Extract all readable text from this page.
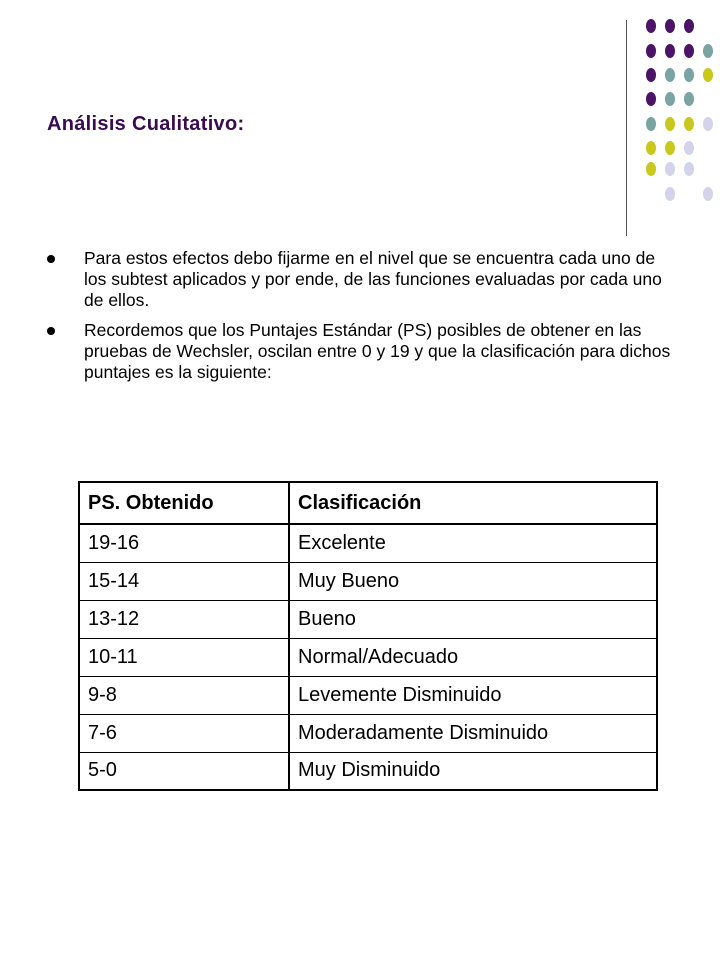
Análisis Cualitativo:
Para estos efectos debo fijarme en el nivel que se encuentra cada uno de los subtest aplicados y por ende, de las funciones evaluadas por cada uno de ellos.
Recordemos que los Puntajes Estándar (PS) posibles de obtener en las pruebas de Wechsler, oscilan entre 0 y 19 y que la clasificación para dichos puntajes es la siguiente:
PS. Obtenido	Clasificación
19-16	Excelente
15-14	Muy Bueno
13-12	Bueno
10-11	Normal/Adecuado
9-8	Levemente Disminuido
7-6	Moderadamente Disminuido
5-0	Muy Disminuido
